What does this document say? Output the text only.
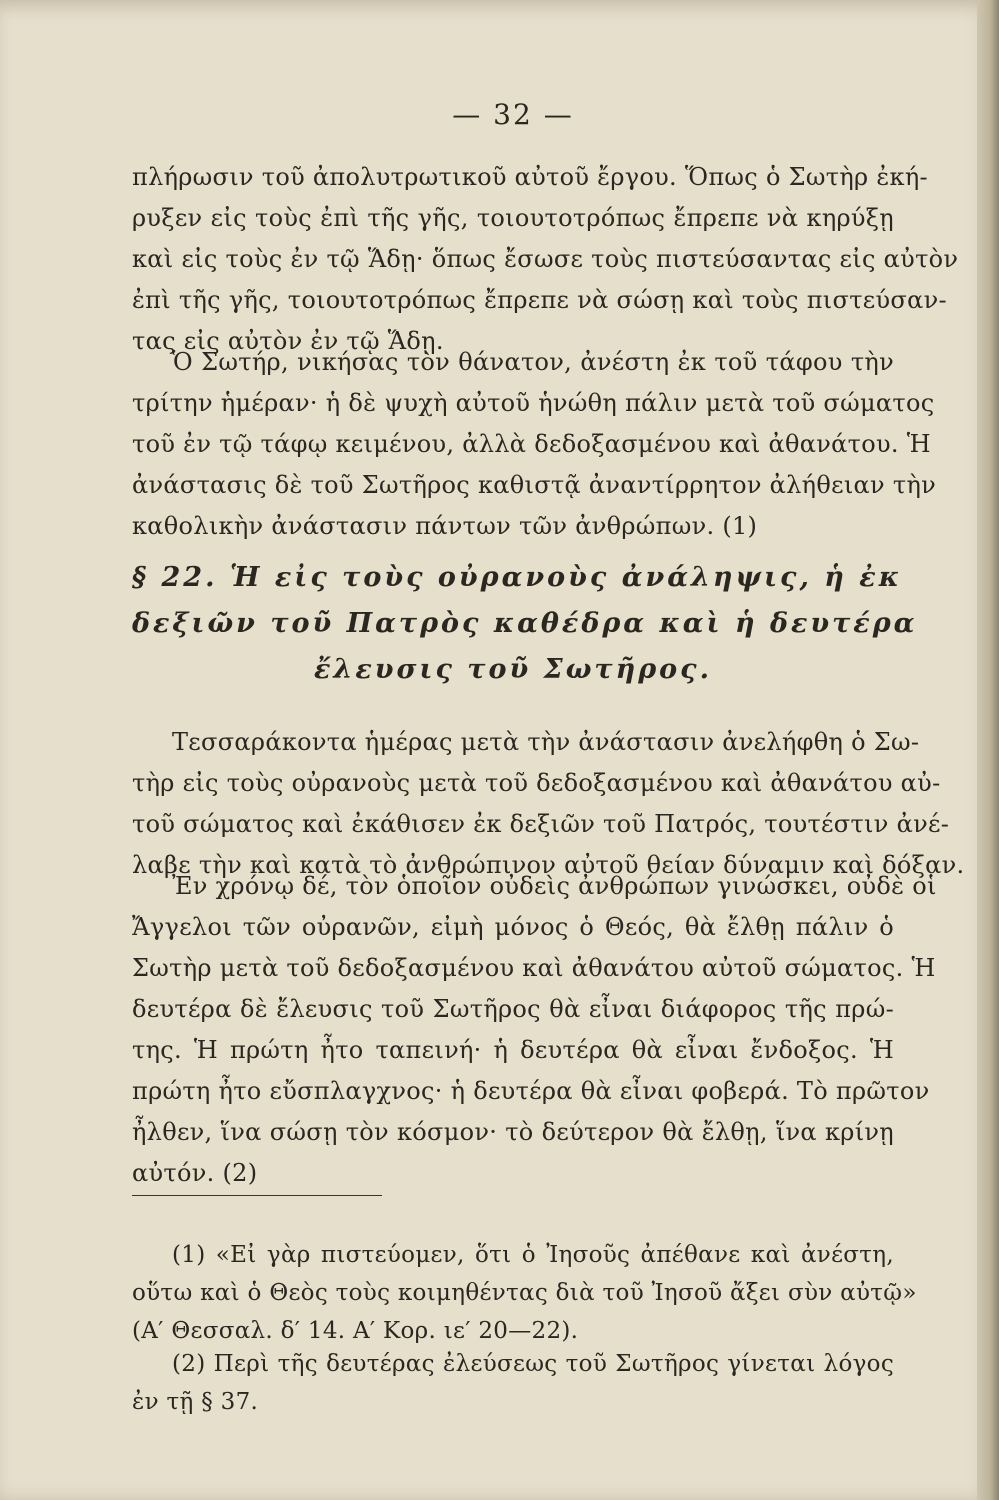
— 32 —
πλήρωσιν τοῦ ἀπολυτρωτικοῦ αὐτοῦ ἔργου. Ὅπως ὁ Σωτὴρ ἐκή-
ρυξεν εἰς τοὺς ἐπὶ τῆς γῆς, τοιουτοτρόπως ἔπρεπε νὰ κηρύξῃ
καὶ εἰς τοὺς ἐν τῷ Ἅδῃ· ὅπως ἔσωσε τοὺς πιστεύσαντας εἰς αὐτὸν
ἐπὶ τῆς γῆς, τοιουτοτρόπως ἔπρεπε νὰ σώσῃ καὶ τοὺς πιστεύσαν-
τας εἰς αὐτὸν ἐν τῷ Ἅδῃ.
Ὁ Σωτήρ, νικήσας τὸν θάνατον, ἀνέστη ἐκ τοῦ τάφου τὴν
τρίτην ἡμέραν· ἡ δὲ ψυχὴ αὐτοῦ ἡνώθη πάλιν μετὰ τοῦ σώματος
τοῦ ἐν τῷ τάφῳ κειμένου, ἀλλὰ δεδοξασμένου καὶ ἀθανάτου. Ἡ
ἀνάστασις δὲ τοῦ Σωτῆρος καθιστᾷ ἀναντίρρητον ἀλήθειαν τὴν
καθολικὴν ἀνάστασιν πάντων τῶν ἀνθρώπων. (1)
§ 22. Ἡ εἰς τοὺς οὐρανοὺς ἀνάληψις, ἡ ἐκ
δεξιῶν τοῦ Πατρὸς καθέδρα καὶ ἡ δευτέρα
ἔλευσις τοῦ Σωτῆρος.
Τεσσαράκοντα ἡμέρας μετὰ τὴν ἀνάστασιν ἀνελήφθη ὁ Σω-
τὴρ εἰς τοὺς οὐρανοὺς μετὰ τοῦ δεδοξασμένου καὶ ἀθανάτου αὐ-
τοῦ σώματος καὶ ἐκάθισεν ἐκ δεξιῶν τοῦ Πατρός, τουτέστιν ἀνέ-
λαβε τὴν καὶ κατὰ τὸ ἀνθρώπινον αὐτοῦ θείαν δύναμιν καὶ δόξαν.
Ἐν χρόνῳ δέ, τὸν ὁποῖον οὐδεὶς ἀνθρώπων γινώσκει, οὐδὲ οἱ
Ἄγγελοι τῶν οὐρανῶν, εἰμὴ μόνος ὁ Θεός, θὰ ἔλθῃ πάλιν ὁ
Σωτὴρ μετὰ τοῦ δεδοξασμένου καὶ ἀθανάτου αὐτοῦ σώματος. Ἡ
δευτέρα δὲ ἔλευσις τοῦ Σωτῆρος θὰ εἶναι διάφορος τῆς πρώ-
της. Ἡ πρώτη ἦτο ταπεινή· ἡ δευτέρα θὰ εἶναι ἔνδοξος. Ἡ
πρώτη ἦτο εὔσπλαγχνος· ἡ δευτέρα θὰ εἶναι φοβερά. Τὸ πρῶτον
ἦλθεν, ἵνα σώσῃ τὸν κόσμον· τὸ δεύτερον θὰ ἔλθῃ, ἵνα κρίνῃ
αὐτόν. (2)
(1) «Εἰ γὰρ πιστεύομεν, ὅτι ὁ Ἰησοῦς ἀπέθανε καὶ ἀνέστη,
οὕτω καὶ ὁ Θεὸς τοὺς κοιμηθέντας διὰ τοῦ Ἰησοῦ ἄξει σὺν αὐτῷ»
(Α′ Θεσσαλ. δ′ 14. Α′ Κορ. ιε′ 20—22).
(2) Περὶ τῆς δευτέρας ἐλεύσεως τοῦ Σωτῆρος γίνεται λόγος
ἐν τῇ § 37.
